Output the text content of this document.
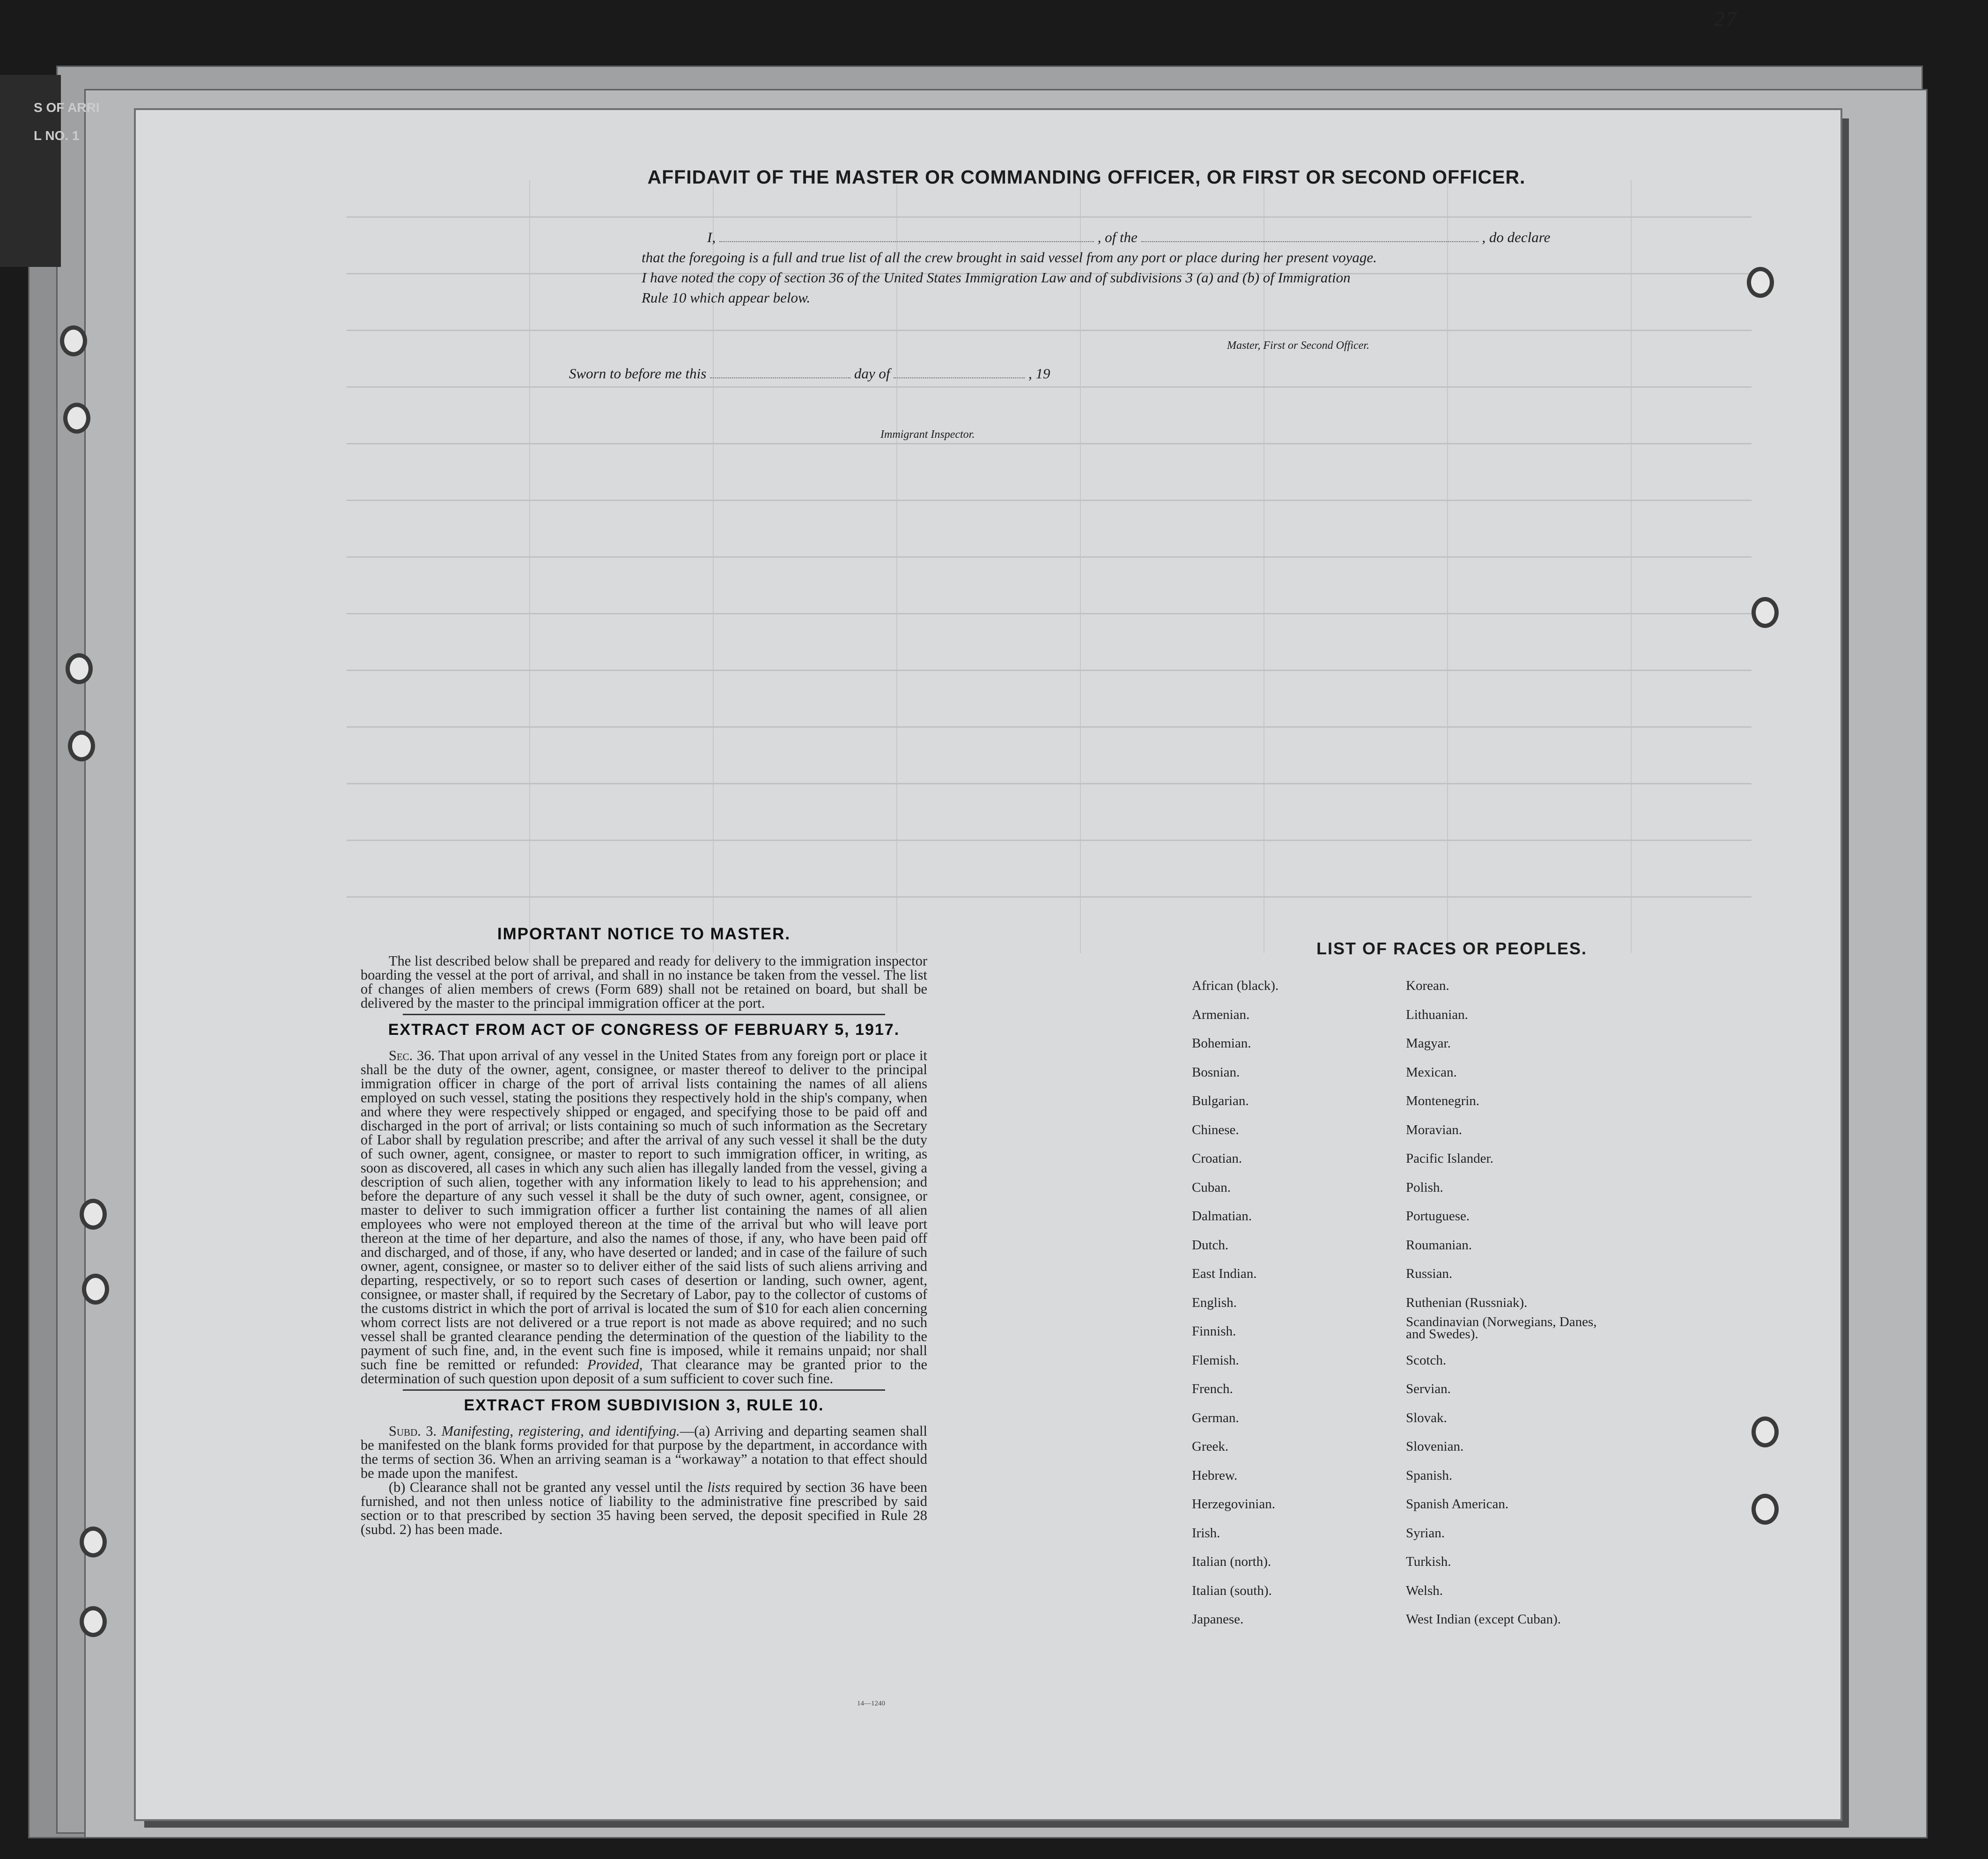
S OF ARRI
L NO. 1
27
AFFIDAVIT OF THE MASTER OR COMMANDING OFFICER, OR FIRST OR SECOND OFFICER.
I,	, of the	, do declare
that the foregoing is a full and true list of all the crew brought in said vessel from any port or place during her present voyage.
I have noted the copy of section 36 of the United States Immigration Law and of subdivisions 3 (a) and (b) of Immigration
Rule 10 which appear below.
Master, First or Second Officer.
Sworn to before me this	day of	, 19
Immigrant Inspector.
IMPORTANT NOTICE TO MASTER.

The list described below shall be prepared and ready for delivery to the immigration inspector boarding the vessel at the port of arrival, and shall in no instance be taken from the vessel. The list of changes of alien members of crews (Form 689) shall not be retained on board, but shall be delivered by the master to the principal immigration officer at the port.

EXTRACT FROM ACT OF CONGRESS OF FEBRUARY 5, 1917.

Sec. 36. That upon arrival of any vessel in the United States from any foreign port or place it shall be the duty of the owner, agent, consignee, or master thereof to deliver to the principal immigration officer in charge of the port of arrival lists containing the names of all aliens employed on such vessel, stating the positions they respectively hold in the ship's company, when and where they were respectively shipped or engaged, and specifying those to be paid off and discharged in the port of arrival; or lists containing so much of such information as the Secretary of Labor shall by regulation prescribe; and after the arrival of any such vessel it shall be the duty of such owner, agent, consignee, or master to report to such immigration officer, in writing, as soon as discovered, all cases in which any such alien has illegally landed from the vessel, giving a description of such alien, together with any information likely to lead to his apprehension; and before the departure of any such vessel it shall be the duty of such owner, agent, consignee, or master to deliver to such immigration officer a further list containing the names of all alien employees who were not employed thereon at the time of the arrival but who will leave port thereon at the time of her departure, and also the names of those, if any, who have been paid off and discharged, and of those, if any, who have deserted or landed; and in case of the failure of such owner, agent, consignee, or master so to deliver either of the said lists of such aliens arriving and departing, respectively, or so to report such cases of desertion or landing, such owner, agent, consignee, or master shall, if required by the Secretary of Labor, pay to the collector of customs of the customs district in which the port of arrival is located the sum of $10 for each alien concerning whom correct lists are not delivered or a true report is not made as above required; and no such vessel shall be granted clearance pending the determination of the question of the liability to the payment of such fine, and, in the event such fine is imposed, while it remains unpaid; nor shall such fine be remitted or refunded: Provided, That clearance may be granted prior to the determination of such question upon deposit of a sum sufficient to cover such fine.

EXTRACT FROM SUBDIVISION 3, RULE 10.

Subd. 3. Manifesting, registering, and identifying.—(a) Arriving and departing seamen shall be manifested on the blank forms provided for that purpose by the department, in accordance with the terms of section 36. When an arriving seaman is a “workaway” a notation to that effect should be made upon the manifest.

(b) Clearance shall not be granted any vessel until the lists required by section 36 have been furnished, and not then unless notice of liability to the administrative fine prescribed by said section or to that prescribed by section 35 having been served, the deposit specified in Rule 28 (subd. 2) has been made.

14—1240
LIST OF RACES OR PEOPLES.
African (black).
Armenian.
Bohemian.
Bosnian.
Bulgarian.
Chinese.
Croatian.
Cuban.
Dalmatian.
Dutch.
East Indian.
English.
Finnish.
Flemish.
French.
German.
Greek.
Hebrew.
Herzegovinian.
Irish.
Italian (north).
Italian (south).
Japanese.
Korean.
Lithuanian.
Magyar.
Mexican.
Montenegrin.
Moravian.
Pacific Islander.
Polish.
Portuguese.
Roumanian.
Russian.
Ruthenian (Russniak).
Scandinavian (Norwegians, Danes, and Swedes).
Scotch.
Servian.
Slovak.
Slovenian.
Spanish.
Spanish American.
Syrian.
Turkish.
Welsh.
West Indian (except Cuban).
